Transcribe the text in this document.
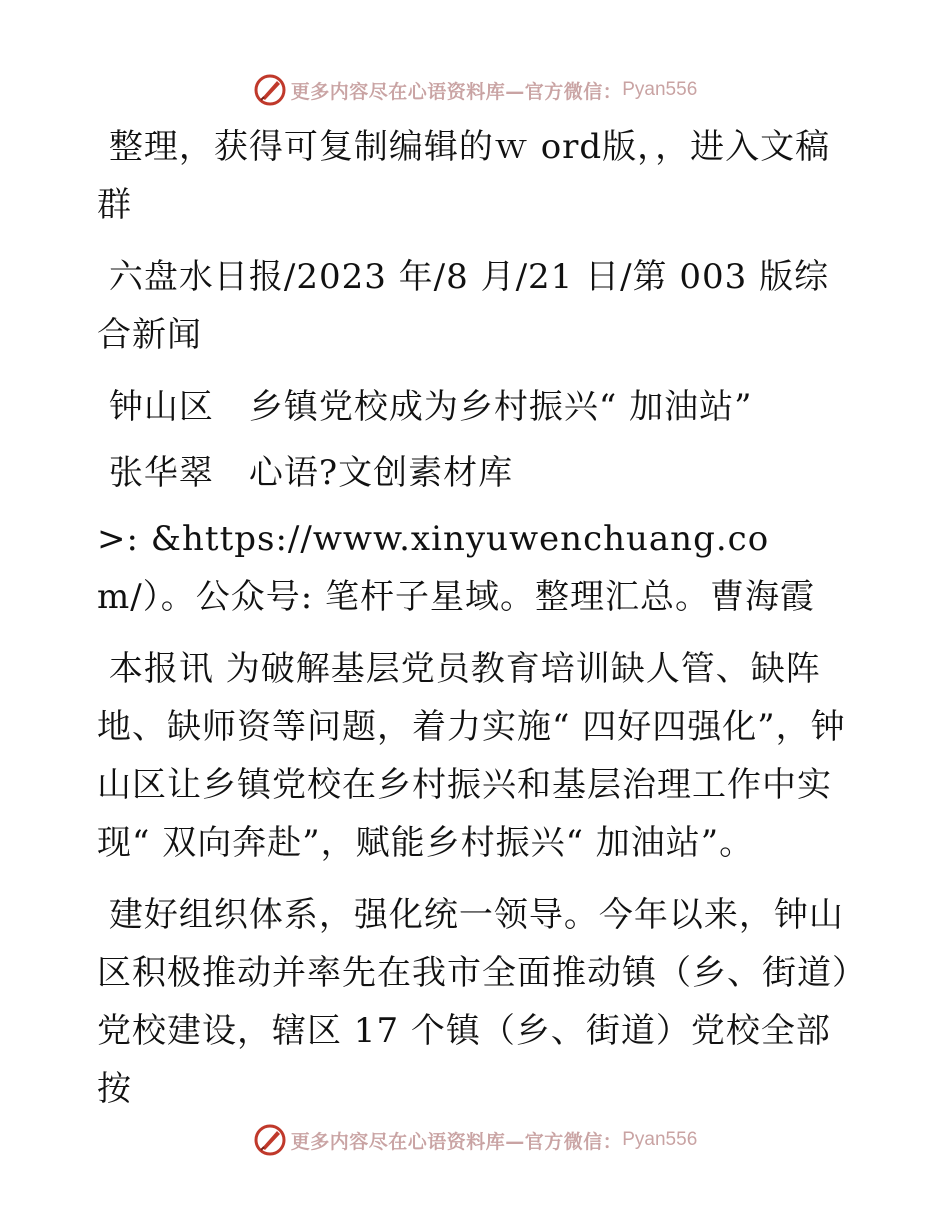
更多内容尽在心语资料库—官方微信： Pyan556

整理，获得可复制编辑的ｗ ord版，，进入文稿群

六盘水日报/2023 年/8 月/21 日/第 003 版综合新闻

钟山区　乡镇党校成为乡村振兴“ 加油站”

张华翠　心语?文创素材库

>: &https://www.xinyuwenchuang.com/）。公众号: 笔杆子星域。整理汇总。曹海霞

本报讯 为破解基层党员教育培训缺人管、缺阵地、缺师资等问题，着力实施“ 四好四强化”，钟山区让乡镇党校在乡村振兴和基层治理工作中实现“ 双向奔赴”，赋能乡村振兴“ 加油站”。

建好组织体系，强化统一领导。今年以来，钟山区积极推动并率先在我市全面推动镇（乡、街道）党校建设，辖区 17 个镇（乡、街道）党校全部按

更多内容尽在心语资料库—官方微信： Pyan556
